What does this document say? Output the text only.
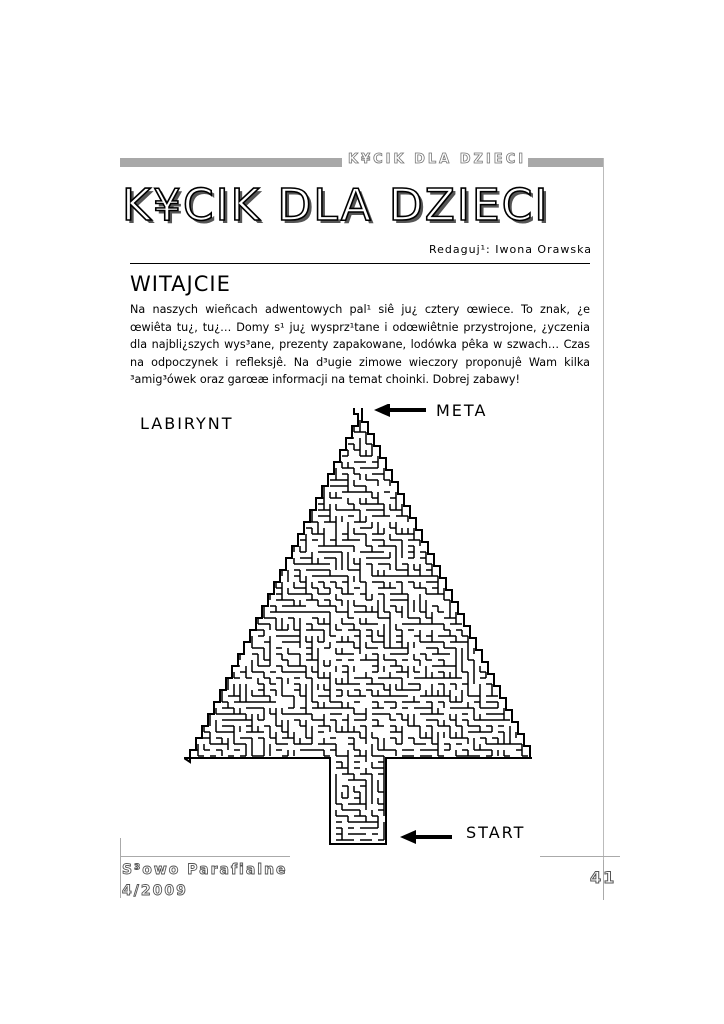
K¥CIK DLA DZIECI
K¥CIK DLA DZIECI
Redaguj¹: Iwona Orawska
WITAJCIE
Na naszych wieñcach adwentowych pal¹ siê ju¿ cztery œwiece. To znak, ¿e œwiêta tu¿, tu¿… Domy s¹ ju¿ wysprz¹tane i odœwiêtnie przystrojone, ¿yczenia dla najbli¿szych wys³ane, prezenty zapakowane, lodówka pêka w szwach… Czas na odpoczynek i refleksjê. Na d³ugie zimowe wieczory proponujê Wam kilka ³amig³ówek oraz garœæ informacji na temat choinki. Dobrej zabawy!
LABIRYNT
META
START
S³owo Parafialne
4/2009
41
